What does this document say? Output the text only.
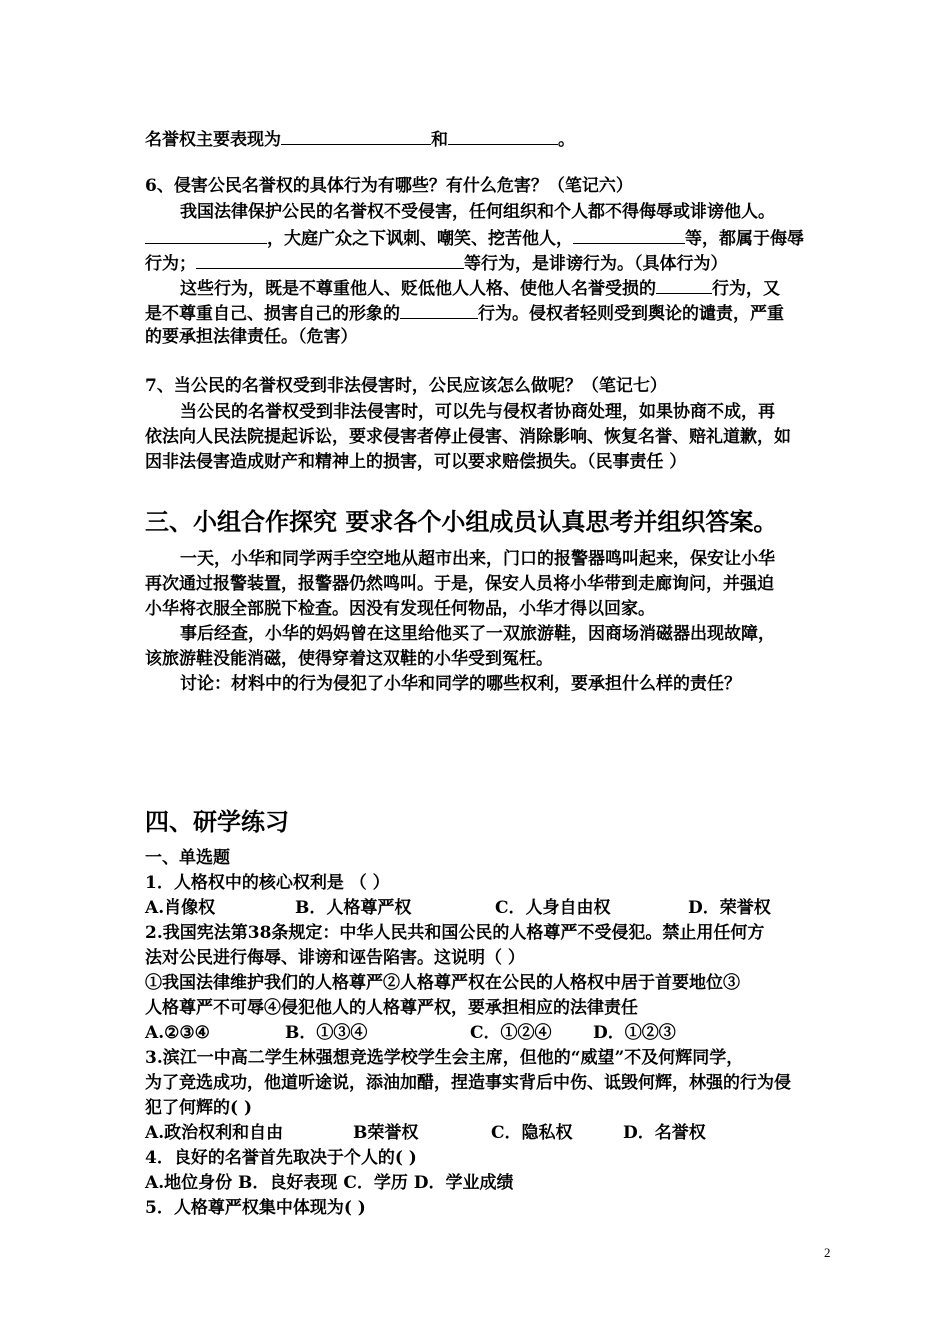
名誉权主要表现为	和	。
6、侵害公民名誉权的具体行为有哪些？有什么危害？（笔记六）
我国法律保护公民的名誉权不受侵害，任何组织和个人都不得侮辱或诽谤他人。
，大庭广众之下讽刺、嘲笑、挖苦他人，	等，都属于侮辱
行为；	等行为，是诽谤行为。（具体行为）
这些行为，既是不尊重他人、贬低他人人格、使他人名誉受损的	行为，又
是不尊重自己、损害自己的形象的	行为。侵权者轻则受到舆论的谴责，严重
的要承担法律责任。（危害）
7、当公民的名誉权受到非法侵害时，公民应该怎么做呢？（笔记七）
当公民的名誉权受到非法侵害时，可以先与侵权者协商处理，如果协商不成，再
依法向人民法院提起诉讼，要求侵害者停止侵害、消除影响、恢复名誉、赔礼道歉，如
因非法侵害造成财产和精神上的损害，可以要求赔偿损失。（民事责任 ）
三、小组合作探究 要求各个小组成员认真思考并组织答案。
一天，小华和同学两手空空地从超市出来，门口的报警器鸣叫起来，保安让小华
再次通过报警装置，报警器仍然鸣叫。于是，保安人员将小华带到走廊询问，并强迫
小华将衣服全部脱下检查。因没有发现任何物品，小华才得以回家。
事后经查，小华的妈妈曾在这里给他买了一双旅游鞋，因商场消磁器出现故障，
该旅游鞋没能消磁，使得穿着这双鞋的小华受到冤枉。
讨论：材料中的行为侵犯了小华和同学的哪些权利，要承担什么样的责任？
四、研学练习
一、单选题
1．人格权中的核心权利是 （ ）
A.肖像权	B．人格尊严权	C．人身自由权	D．荣誉权
2.我国宪法第38条规定：中华人民共和国公民的人格尊严不受侵犯。禁止用任何方
法对公民进行侮辱、诽谤和诬告陷害。这说明（ ）
①我国法律维护我们的人格尊严②人格尊严权在公民的人格权中居于首要地位③
人格尊严不可辱④侵犯他人的人格尊严权，要承担相应的法律责任
A.②③④	B．①③④	C．①②④ D．①②③
3.滨江一中高二学生林强想竞选学校学生会主席，但他的“威望”不及何辉同学，
为了竞选成功，他道听途说，添油加醋，捏造事实背后中伤、诋毁何辉，林强的行为侵
犯了何辉的( )
A.政治权利和自由	B荣誉权	C．隐私权	D．名誉权
4．良好的名誉首先取决于个人的( )
A.地位身份 B．良好表现 C．学历 D．学业成绩
5．人格尊严权集中体现为( )
2
